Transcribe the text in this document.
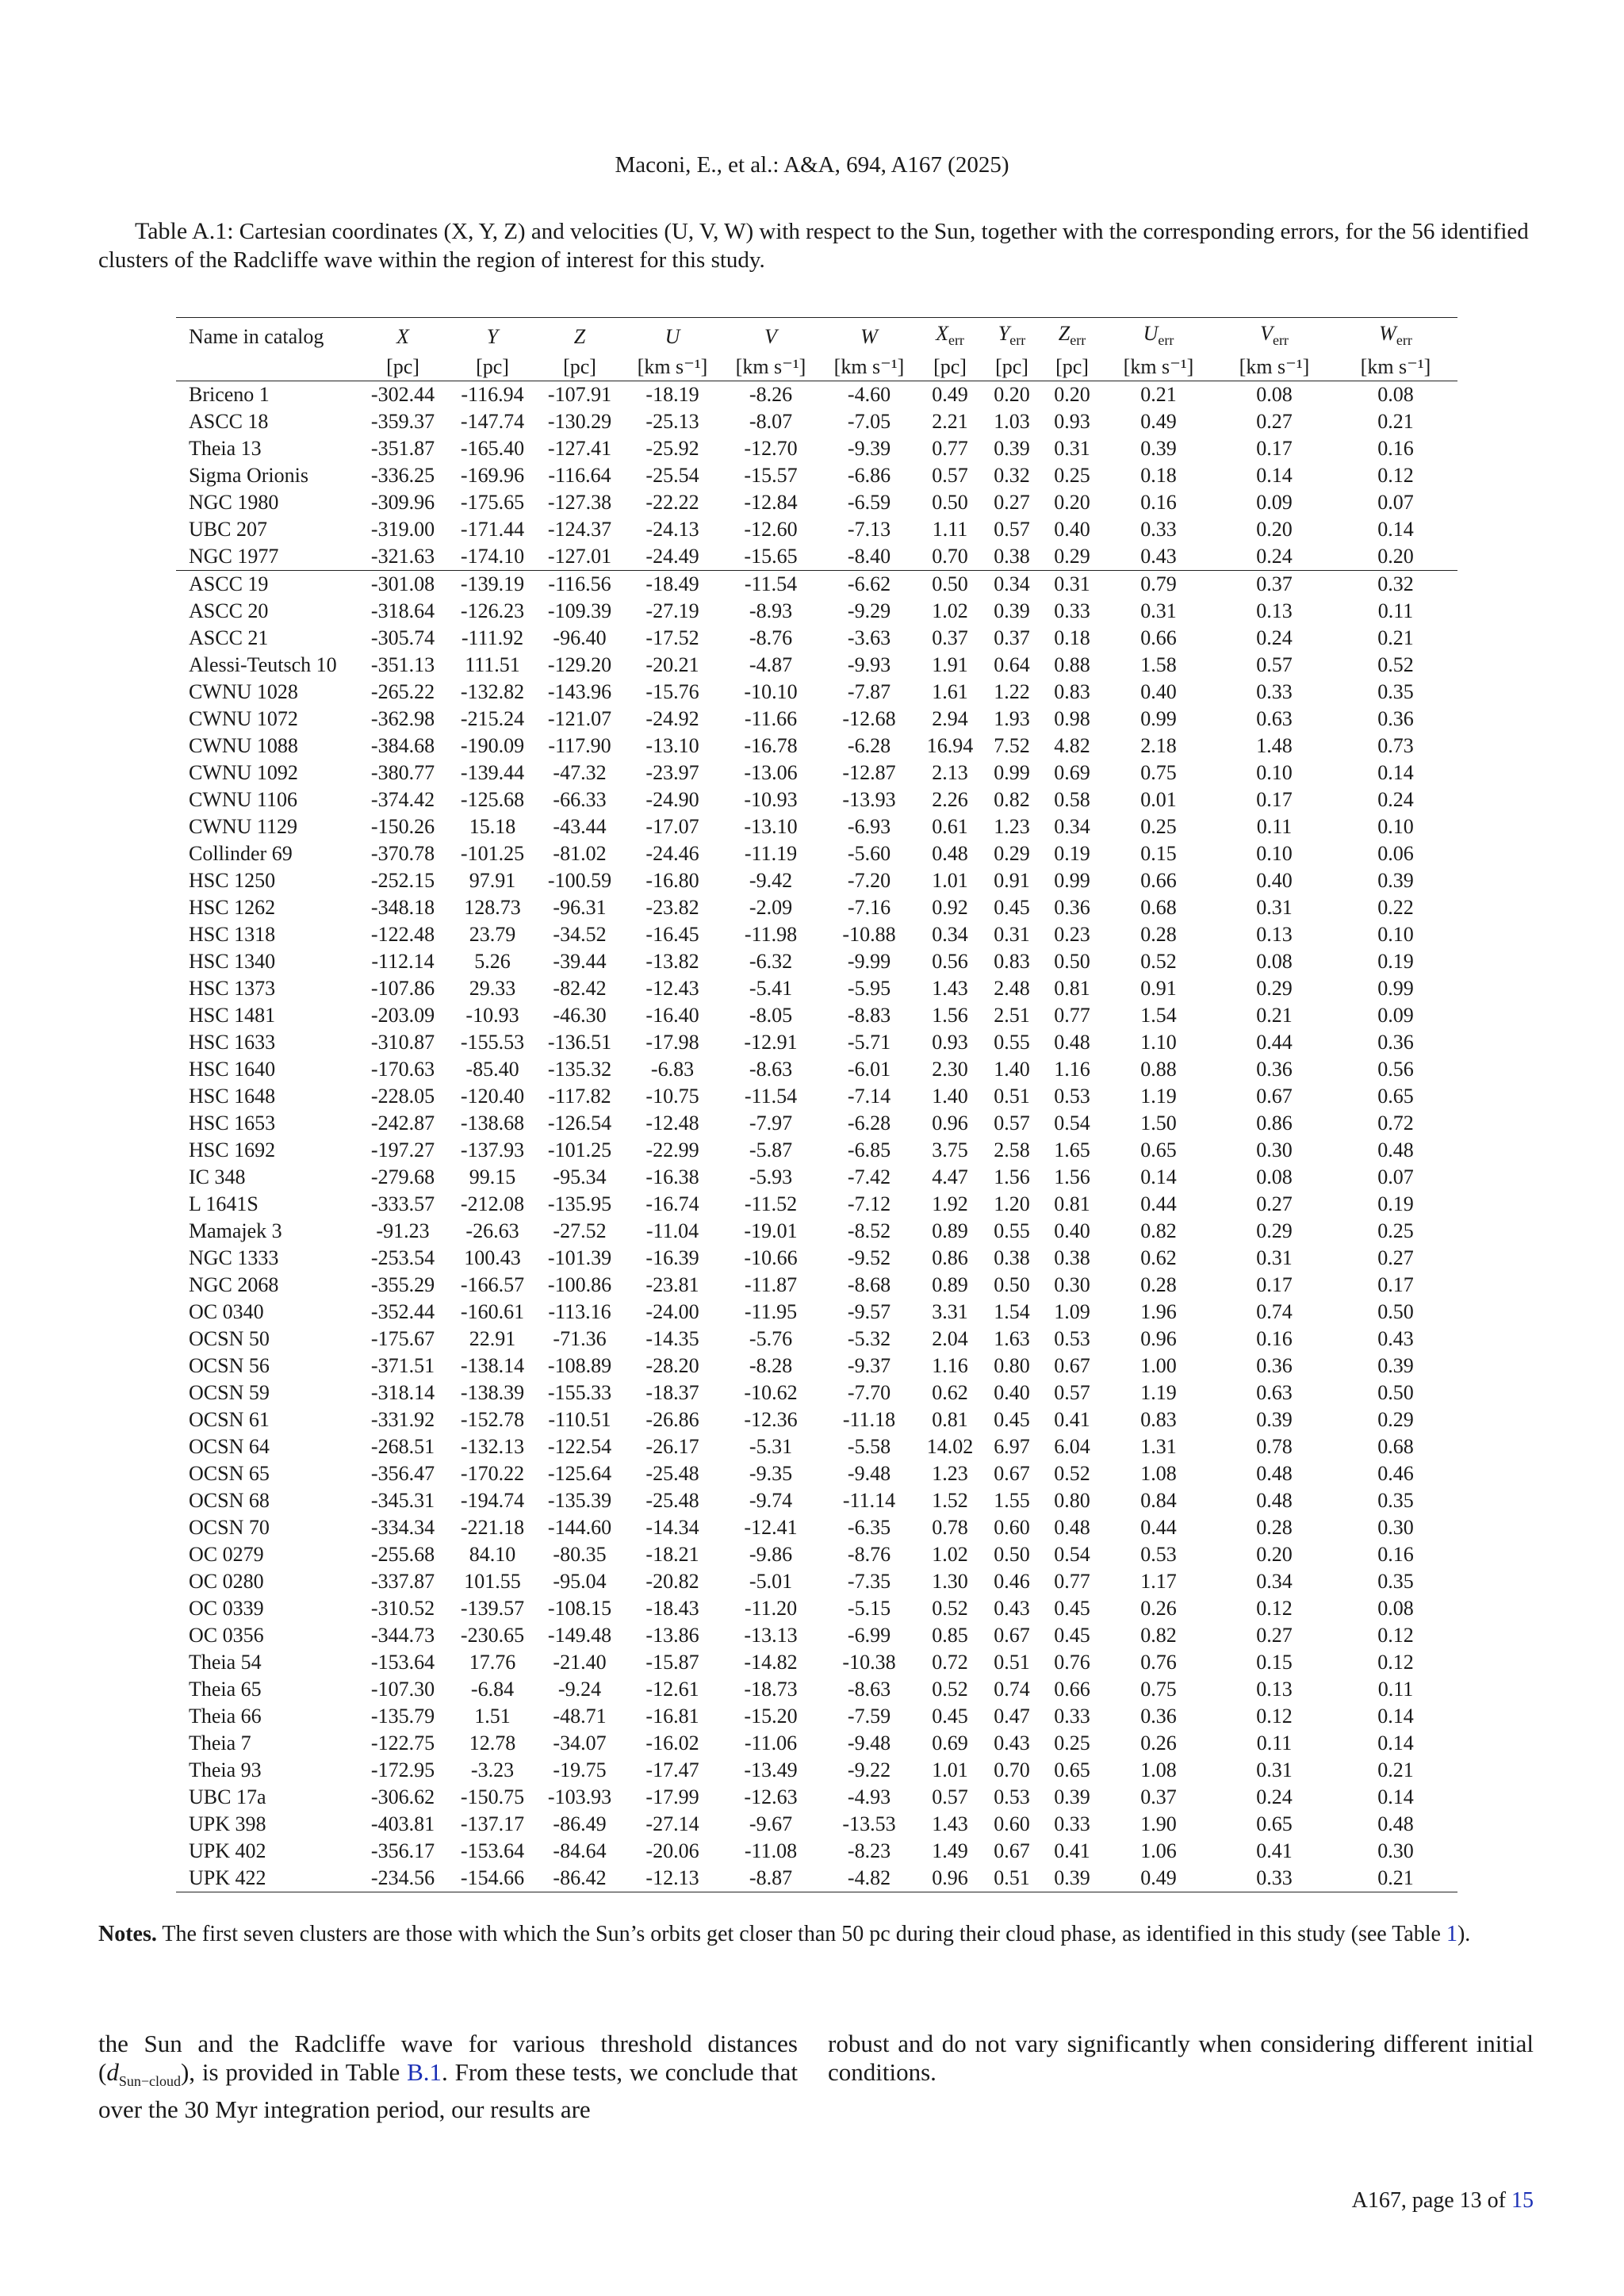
Maconi, E., et al.: A&A, 694, A167 (2025)
Table A.1: Cartesian coordinates (X, Y, Z) and velocities (U, V, W) with respect to the Sun, together with the corresponding errors, for the 56 identified clusters of the Radcliffe wave within the region of interest for this study.
Name in catalog	X	Y	Z	U	V	W	$X_{err}$	$Y_{err}$	$Z_{err}$	$U_{err}$	$V_{err}$	$W_{err}$
	[pc]	[pc]	[pc]	[km s⁻¹]	[km s⁻¹]	[km s⁻¹]	[pc]	[pc]	[pc]	[km s⁻¹]	[km s⁻¹]	[km s⁻¹]
Briceno 1	-302.44	-116.94	-107.91	-18.19	-8.26	-4.60	0.49	0.20	0.20	0.21	0.08	0.08
ASCC 18	-359.37	-147.74	-130.29	-25.13	-8.07	-7.05	2.21	1.03	0.93	0.49	0.27	0.21
Theia 13	-351.87	-165.40	-127.41	-25.92	-12.70	-9.39	0.77	0.39	0.31	0.39	0.17	0.16
Sigma Orionis	-336.25	-169.96	-116.64	-25.54	-15.57	-6.86	0.57	0.32	0.25	0.18	0.14	0.12
NGC 1980	-309.96	-175.65	-127.38	-22.22	-12.84	-6.59	0.50	0.27	0.20	0.16	0.09	0.07
UBC 207	-319.00	-171.44	-124.37	-24.13	-12.60	-7.13	1.11	0.57	0.40	0.33	0.20	0.14
NGC 1977	-321.63	-174.10	-127.01	-24.49	-15.65	-8.40	0.70	0.38	0.29	0.43	0.24	0.20
ASCC 19	-301.08	-139.19	-116.56	-18.49	-11.54	-6.62	0.50	0.34	0.31	0.79	0.37	0.32
ASCC 20	-318.64	-126.23	-109.39	-27.19	-8.93	-9.29	1.02	0.39	0.33	0.31	0.13	0.11
ASCC 21	-305.74	-111.92	-96.40	-17.52	-8.76	-3.63	0.37	0.37	0.18	0.66	0.24	0.21
Alessi-Teutsch 10	-351.13	111.51	-129.20	-20.21	-4.87	-9.93	1.91	0.64	0.88	1.58	0.57	0.52
CWNU 1028	-265.22	-132.82	-143.96	-15.76	-10.10	-7.87	1.61	1.22	0.83	0.40	0.33	0.35
CWNU 1072	-362.98	-215.24	-121.07	-24.92	-11.66	-12.68	2.94	1.93	0.98	0.99	0.63	0.36
CWNU 1088	-384.68	-190.09	-117.90	-13.10	-16.78	-6.28	16.94	7.52	4.82	2.18	1.48	0.73
CWNU 1092	-380.77	-139.44	-47.32	-23.97	-13.06	-12.87	2.13	0.99	0.69	0.75	0.10	0.14
CWNU 1106	-374.42	-125.68	-66.33	-24.90	-10.93	-13.93	2.26	0.82	0.58	0.01	0.17	0.24
CWNU 1129	-150.26	15.18	-43.44	-17.07	-13.10	-6.93	0.61	1.23	0.34	0.25	0.11	0.10
Collinder 69	-370.78	-101.25	-81.02	-24.46	-11.19	-5.60	0.48	0.29	0.19	0.15	0.10	0.06
HSC 1250	-252.15	97.91	-100.59	-16.80	-9.42	-7.20	1.01	0.91	0.99	0.66	0.40	0.39
HSC 1262	-348.18	128.73	-96.31	-23.82	-2.09	-7.16	0.92	0.45	0.36	0.68	0.31	0.22
HSC 1318	-122.48	23.79	-34.52	-16.45	-11.98	-10.88	0.34	0.31	0.23	0.28	0.13	0.10
HSC 1340	-112.14	5.26	-39.44	-13.82	-6.32	-9.99	0.56	0.83	0.50	0.52	0.08	0.19
HSC 1373	-107.86	29.33	-82.42	-12.43	-5.41	-5.95	1.43	2.48	0.81	0.91	0.29	0.99
HSC 1481	-203.09	-10.93	-46.30	-16.40	-8.05	-8.83	1.56	2.51	0.77	1.54	0.21	0.09
HSC 1633	-310.87	-155.53	-136.51	-17.98	-12.91	-5.71	0.93	0.55	0.48	1.10	0.44	0.36
HSC 1640	-170.63	-85.40	-135.32	-6.83	-8.63	-6.01	2.30	1.40	1.16	0.88	0.36	0.56
HSC 1648	-228.05	-120.40	-117.82	-10.75	-11.54	-7.14	1.40	0.51	0.53	1.19	0.67	0.65
HSC 1653	-242.87	-138.68	-126.54	-12.48	-7.97	-6.28	0.96	0.57	0.54	1.50	0.86	0.72
HSC 1692	-197.27	-137.93	-101.25	-22.99	-5.87	-6.85	3.75	2.58	1.65	0.65	0.30	0.48
IC 348	-279.68	99.15	-95.34	-16.38	-5.93	-7.42	4.47	1.56	1.56	0.14	0.08	0.07
L 1641S	-333.57	-212.08	-135.95	-16.74	-11.52	-7.12	1.92	1.20	0.81	0.44	0.27	0.19
Mamajek 3	-91.23	-26.63	-27.52	-11.04	-19.01	-8.52	0.89	0.55	0.40	0.82	0.29	0.25
NGC 1333	-253.54	100.43	-101.39	-16.39	-10.66	-9.52	0.86	0.38	0.38	0.62	0.31	0.27
NGC 2068	-355.29	-166.57	-100.86	-23.81	-11.87	-8.68	0.89	0.50	0.30	0.28	0.17	0.17
OC 0340	-352.44	-160.61	-113.16	-24.00	-11.95	-9.57	3.31	1.54	1.09	1.96	0.74	0.50
OCSN 50	-175.67	22.91	-71.36	-14.35	-5.76	-5.32	2.04	1.63	0.53	0.96	0.16	0.43
OCSN 56	-371.51	-138.14	-108.89	-28.20	-8.28	-9.37	1.16	0.80	0.67	1.00	0.36	0.39
OCSN 59	-318.14	-138.39	-155.33	-18.37	-10.62	-7.70	0.62	0.40	0.57	1.19	0.63	0.50
OCSN 61	-331.92	-152.78	-110.51	-26.86	-12.36	-11.18	0.81	0.45	0.41	0.83	0.39	0.29
OCSN 64	-268.51	-132.13	-122.54	-26.17	-5.31	-5.58	14.02	6.97	6.04	1.31	0.78	0.68
OCSN 65	-356.47	-170.22	-125.64	-25.48	-9.35	-9.48	1.23	0.67	0.52	1.08	0.48	0.46
OCSN 68	-345.31	-194.74	-135.39	-25.48	-9.74	-11.14	1.52	1.55	0.80	0.84	0.48	0.35
OCSN 70	-334.34	-221.18	-144.60	-14.34	-12.41	-6.35	0.78	0.60	0.48	0.44	0.28	0.30
OC 0279	-255.68	84.10	-80.35	-18.21	-9.86	-8.76	1.02	0.50	0.54	0.53	0.20	0.16
OC 0280	-337.87	101.55	-95.04	-20.82	-5.01	-7.35	1.30	0.46	0.77	1.17	0.34	0.35
OC 0339	-310.52	-139.57	-108.15	-18.43	-11.20	-5.15	0.52	0.43	0.45	0.26	0.12	0.08
OC 0356	-344.73	-230.65	-149.48	-13.86	-13.13	-6.99	0.85	0.67	0.45	0.82	0.27	0.12
Theia 54	-153.64	17.76	-21.40	-15.87	-14.82	-10.38	0.72	0.51	0.76	0.76	0.15	0.12
Theia 65	-107.30	-6.84	-9.24	-12.61	-18.73	-8.63	0.52	0.74	0.66	0.75	0.13	0.11
Theia 66	-135.79	1.51	-48.71	-16.81	-15.20	-7.59	0.45	0.47	0.33	0.36	0.12	0.14
Theia 7	-122.75	12.78	-34.07	-16.02	-11.06	-9.48	0.69	0.43	0.25	0.26	0.11	0.14
Theia 93	-172.95	-3.23	-19.75	-17.47	-13.49	-9.22	1.01	0.70	0.65	1.08	0.31	0.21
UBC 17a	-306.62	-150.75	-103.93	-17.99	-12.63	-4.93	0.57	0.53	0.39	0.37	0.24	0.14
UPK 398	-403.81	-137.17	-86.49	-27.14	-9.67	-13.53	1.43	0.60	0.33	1.90	0.65	0.48
UPK 402	-356.17	-153.64	-84.64	-20.06	-11.08	-8.23	1.49	0.67	0.41	1.06	0.41	0.30
UPK 422	-234.56	-154.66	-86.42	-12.13	-8.87	-4.82	0.96	0.51	0.39	0.49	0.33	0.21
Notes. The first seven clusters are those with which the Sun’s orbits get closer than 50 pc during their cloud phase, as identified in this study (see Table 1).
the Sun and the Radcliffe wave for various threshold distances $(d_{Sun-cloud})$, is provided in Table B.1. From these tests, we conclude that over the 30 Myr integration period, our results are
robust and do not vary significantly when considering different initial conditions.
A167, page 13 of 15
